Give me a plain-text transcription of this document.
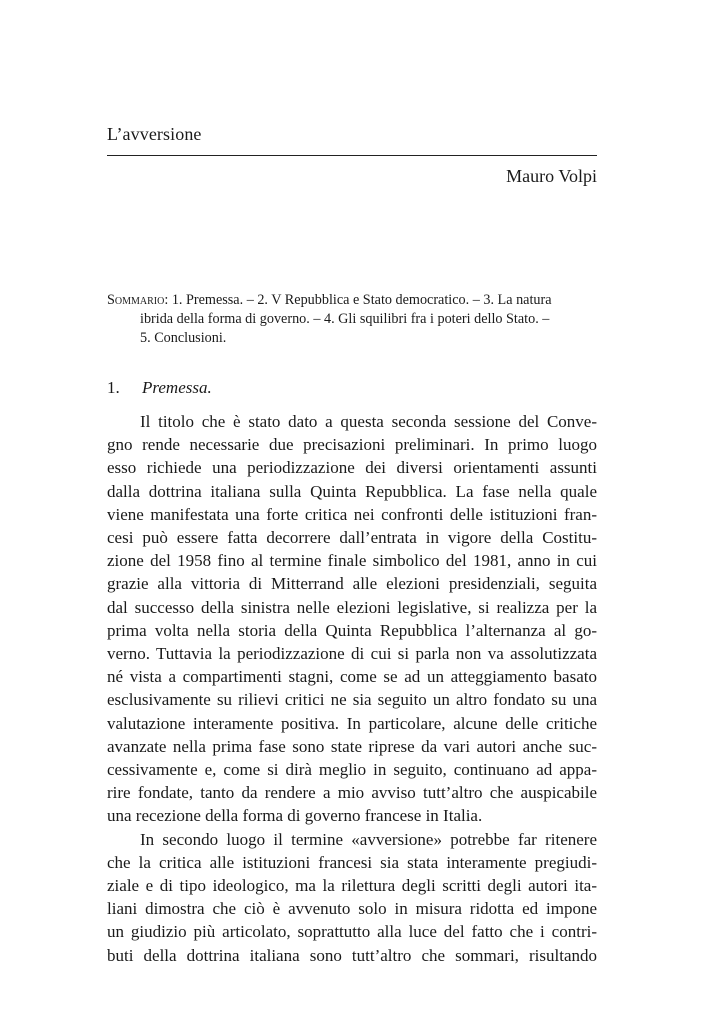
L’avversione
Mauro Volpi
Sommario: 1. Premessa. – 2. V Repubblica e Stato democratico. – 3. La natura
ibrida della forma di governo. – 4. Gli squilibri fra i poteri dello Stato. –
5. Conclusioni.
1. Premessa.
Il titolo che è stato dato a questa seconda sessione del Conve-
gno rende necessarie due precisazioni preliminari. In primo luogo
esso richiede una periodizzazione dei diversi orientamenti assunti
dalla dottrina italiana sulla Quinta Repubblica. La fase nella quale
viene manifestata una forte critica nei confronti delle istituzioni fran-
cesi può essere fatta decorrere dall’entrata in vigore della Costitu-
zione del 1958 fino al termine finale simbolico del 1981, anno in cui
grazie alla vittoria di Mitterrand alle elezioni presidenziali, seguita
dal successo della sinistra nelle elezioni legislative, si realizza per la
prima volta nella storia della Quinta Repubblica l’alternanza al go-
verno. Tuttavia la periodizzazione di cui si parla non va assolutizzata
né vista a compartimenti stagni, come se ad un atteggiamento basato
esclusivamente su rilievi critici ne sia seguito un altro fondato su una
valutazione interamente positiva. In particolare, alcune delle critiche
avanzate nella prima fase sono state riprese da vari autori anche suc-
cessivamente e, come si dirà meglio in seguito, continuano ad appa-
rire fondate, tanto da rendere a mio avviso tutt’altro che auspicabile
una recezione della forma di governo francese in Italia.
In secondo luogo il termine «avversione» potrebbe far ritenere
che la critica alle istituzioni francesi sia stata interamente pregiudi-
ziale e di tipo ideologico, ma la rilettura degli scritti degli autori ita-
liani dimostra che ciò è avvenuto solo in misura ridotta ed impone
un giudizio più articolato, soprattutto alla luce del fatto che i contri-
buti della dottrina italiana sono tutt’altro che sommari, risultando
